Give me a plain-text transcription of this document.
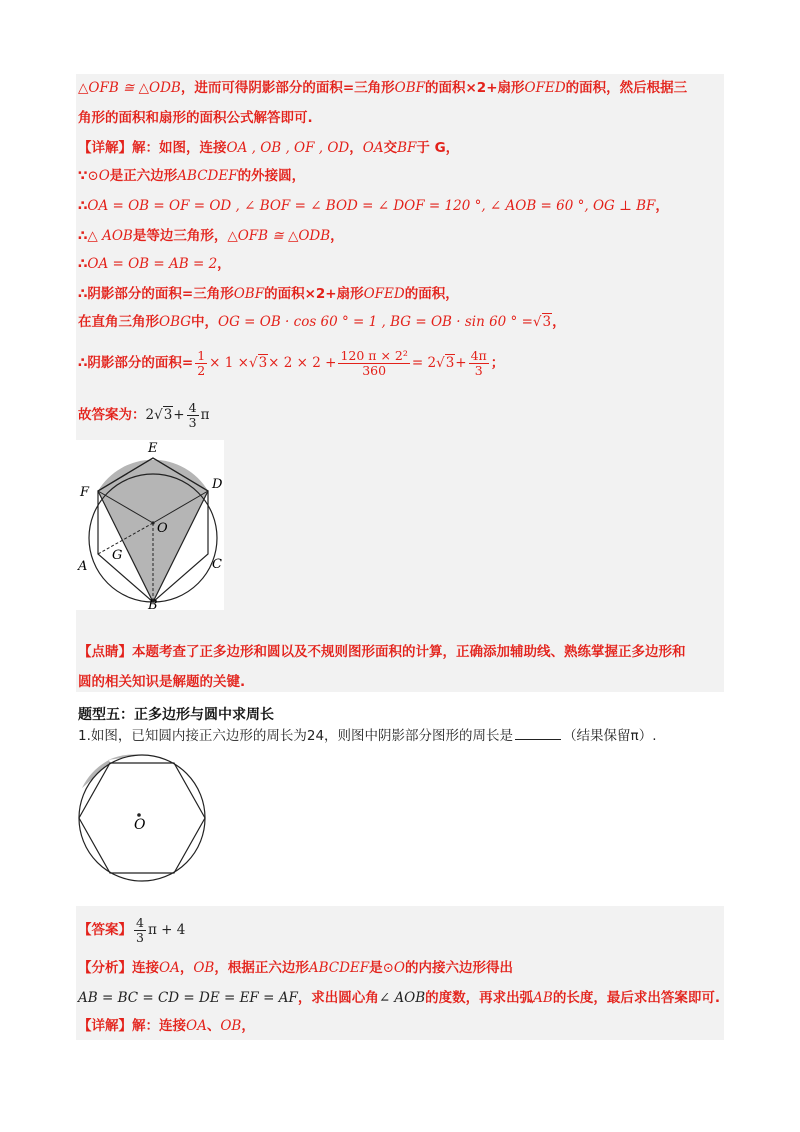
△OFB ≅ △ODB，进而可得阴影部分的面积=三角形OBF的面积×2+扇形OFED的面积，然后根据三
角形的面积和扇形的面积公式解答即可.
【详解】解：如图，连接OA , OB , OF , OD，OA交BF于 G，
∵⊙O是正六边形ABCDEF的外接圆，
∴OA = OB = OF = OD , ∠ BOF = ∠ BOD = ∠ DOF = 120 °, ∠ AOB = 60 °, OG ⊥ BF，
∴△ AOB是等边三角形，△OFB ≅ △ODB，
∴OA = OB = AB = 2，
∴阴影部分的面积=三角形OBF的面积×2+扇形OFED的面积，
在直角三角形OBG中，OG = OB · cos 60 ° = 1 , BG = OB · sin 60 ° =√3，
∴阴影部分的面积= $\frac{1}{2} \times 1 \times√3\times 2 \times 2 + \frac{\text{120 π × 2²}}{360} = 2√3+ \frac{4\pi}{3}$ ；
故答案为：$2√3+ \frac{4}{3}$ π
E
D
F
O
G
A	C
B
【点睛】本题考查了正多边形和圆以及不规则图形面积的计算，正确添加辅助线、熟练掌握正多边形和
圆的相关知识是解题的关键.
题型五：正多边形与圆中求周长
1.如图，已知圆内接正六边形的周长为24，则图中阴影部分图形的周长是	（结果保留π）.
O
【答案】 $\frac{4}{3}$ π + 4
【分析】连接OA，OB，根据正六边形ABCDEF是⊙O的内接六边形得出
AB = BC = CD = DE = EF = AF，求出圆心角∠ AOB的度数，再求出弧AB的长度，最后求出答案即可.
【详解】解：连接OA、OB，
